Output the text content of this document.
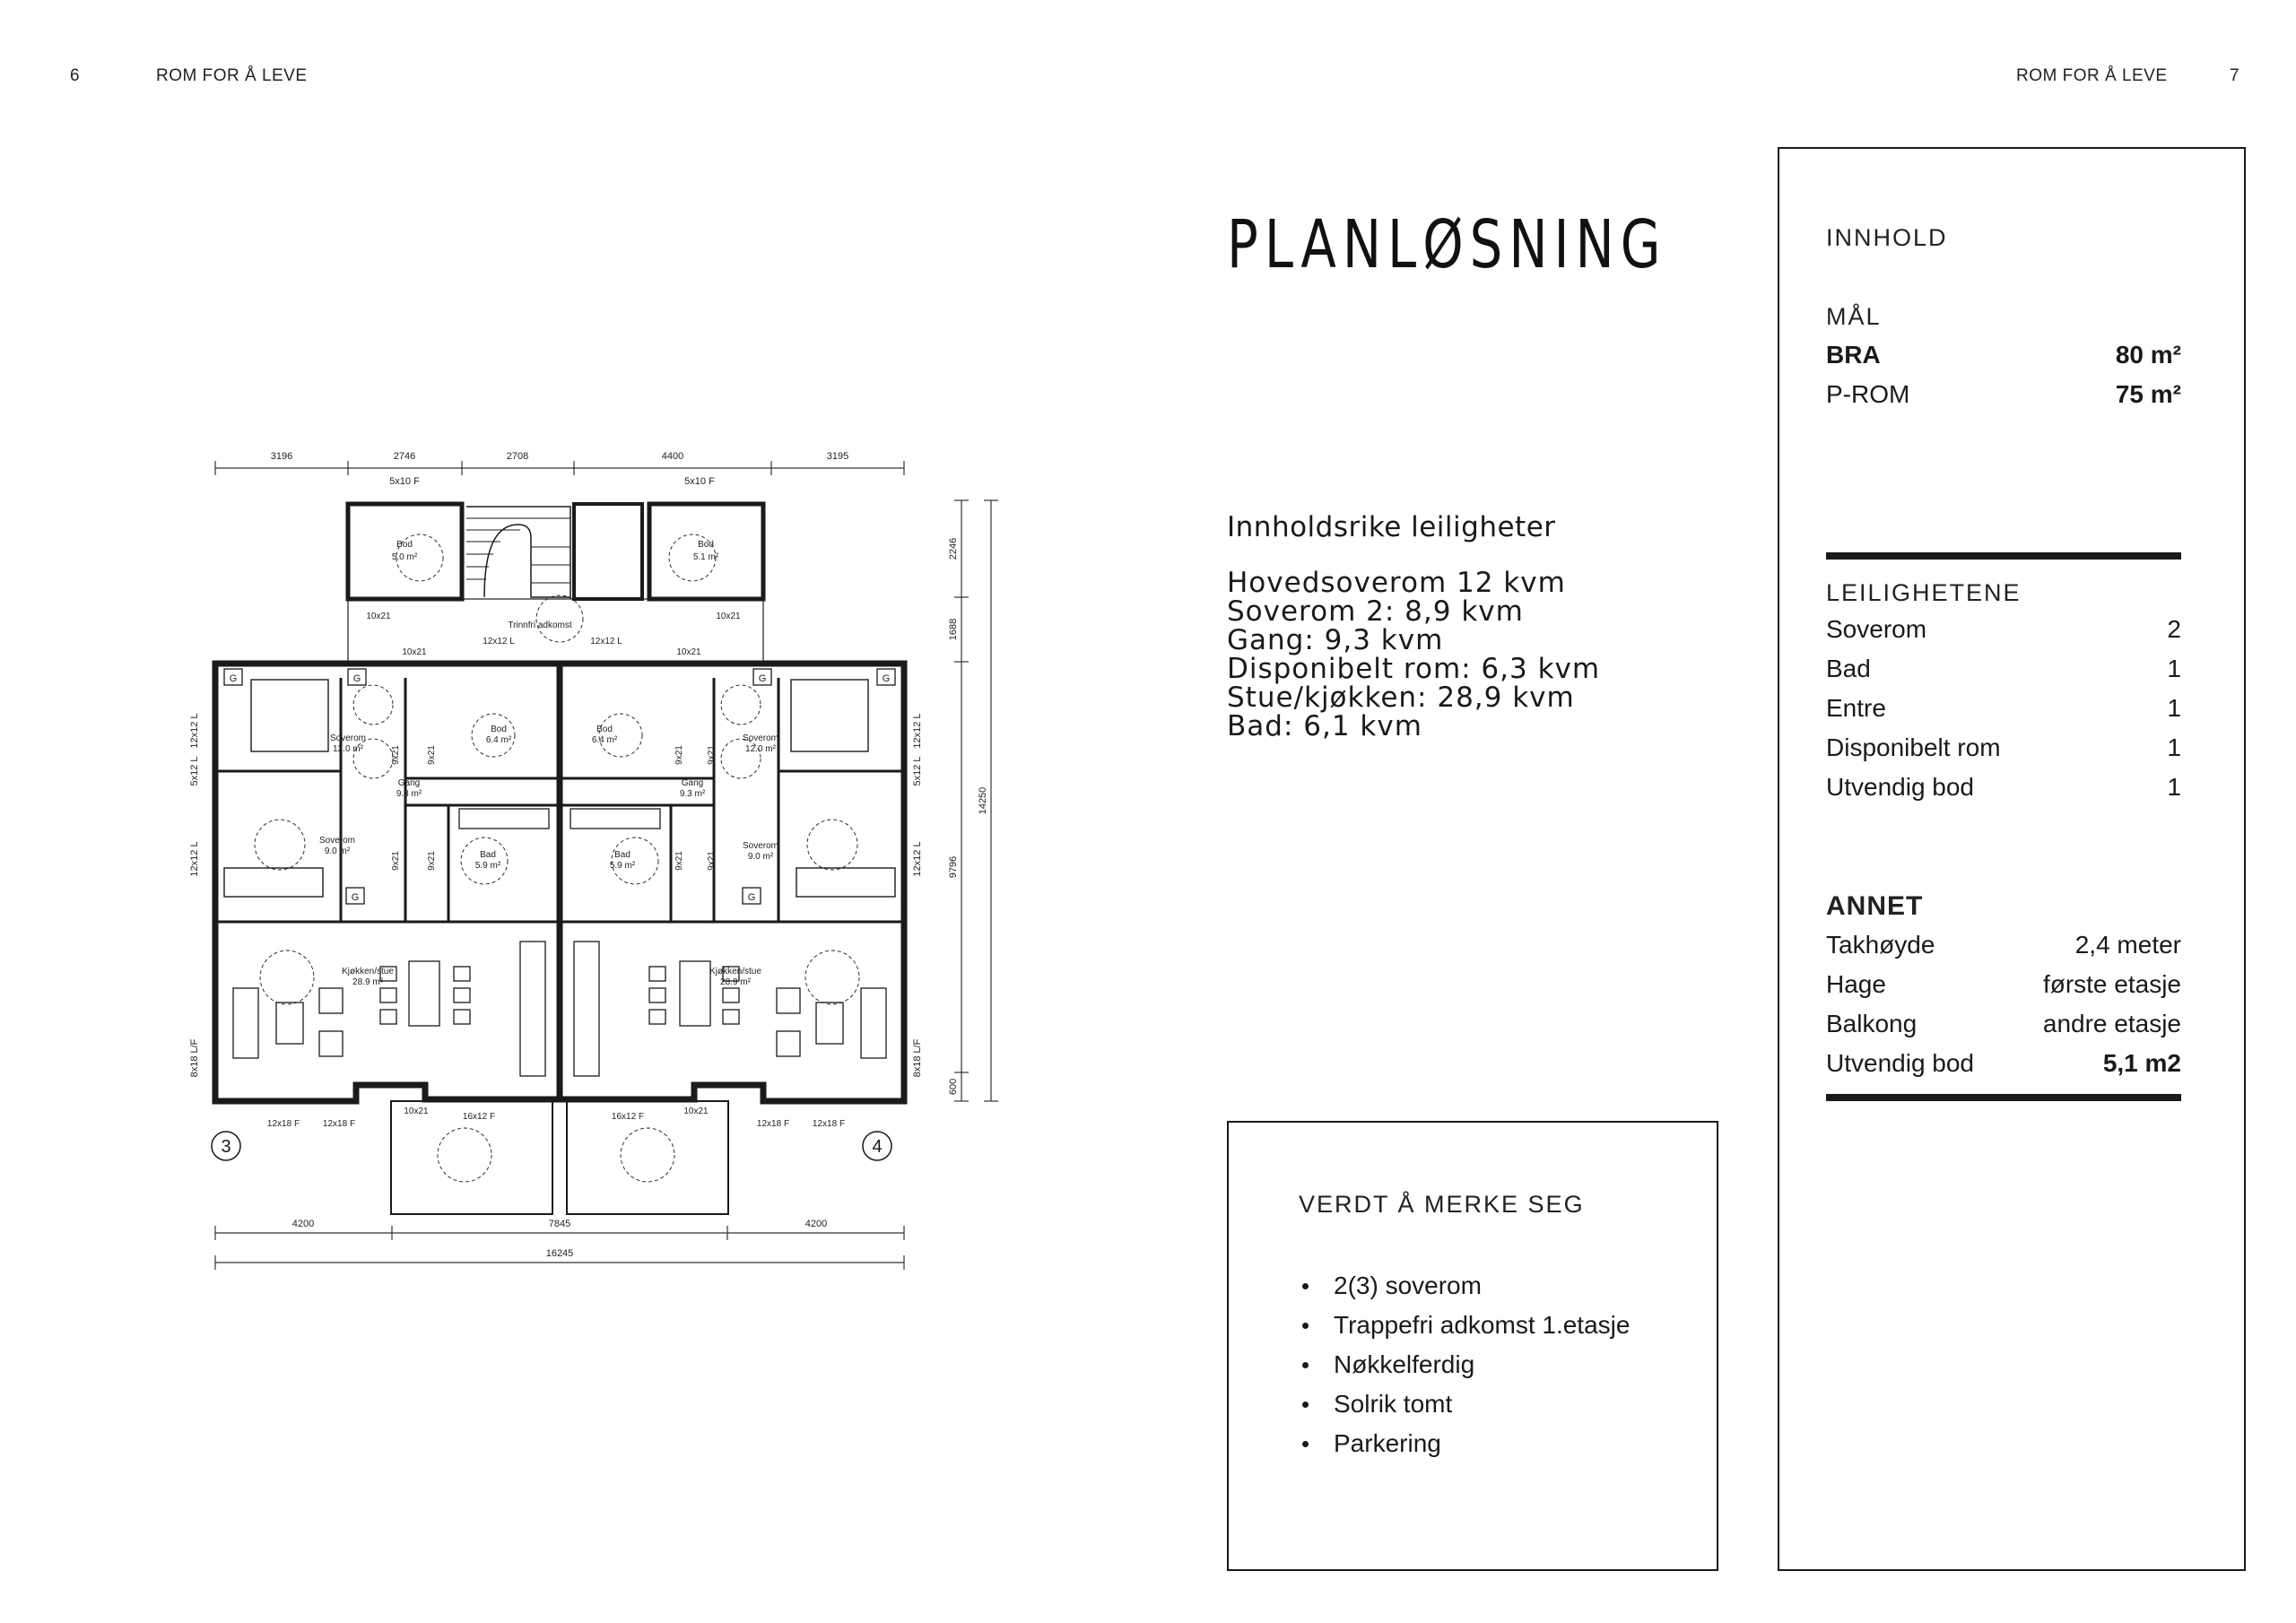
6	ROM FOR Å LEVE	ROM FOR Å LEVE	7
3196	2746	2708	4400	3195
5x10 F	5x10 F
4200	7845	4200
16245
2246
1688
9796
600
14250
12x12 L
5x12 L
12x12 L
8x18 L/F
12x12 L
5x12 L
12x12 L
8x18 L/F
Bod
5.0 m²
Bod
5.1 m²
Trinnfri adkomst
10x21	10x21
10x21	10x21
12x12 L	12x12 L
G	G	G
G
G	G
Soverom
12.0 m²
Soverom
12.0 m²
Soverom
9.0 m²
Soverom
9.0 m²
Gang
9.3 m²
Gang
9.3 m²
Bod
6.4 m²
Bod
6.4 m²
Bad
5.9 m²
Bad
5.9 m²
Kjøkken/stue
28.9 m²
Kjøkken/stue
28.9 m²
9x21	9x21
9x21	9x21
9x21	9x21
9x21	9x21
10x21	10x21
16x12 F	16x12 F
12x18 F	12x18 F	12x18 F	12x18 F
3	4
PLANLØSNING
Innholdsrike leiligheter
Hovedsoverom 12 kvm
Soverom 2: 8,9 kvm
Gang: 9,3 kvm
Disponibelt rom: 6,3 kvm
Stue/kjøkken: 28,9 kvm
Bad: 6,1 kvm
VERDT Å MERKE SEG
2(3) soverom
Trappefri adkomst 1.etasje
Nøkkelferdig
Solrik tomt
Parkering
INNHOLD
MÅL
BRA	80 m²
P-ROM	75 m²
LEILIGHETENE
Soverom	2
Bad	1
Entre	1
Disponibelt rom	1
Utvendig bod	1
ANNET
Takhøyde	2,4 meter
Hage	første etasje
Balkong	andre etasje
Utvendig bod	5,1 m2
